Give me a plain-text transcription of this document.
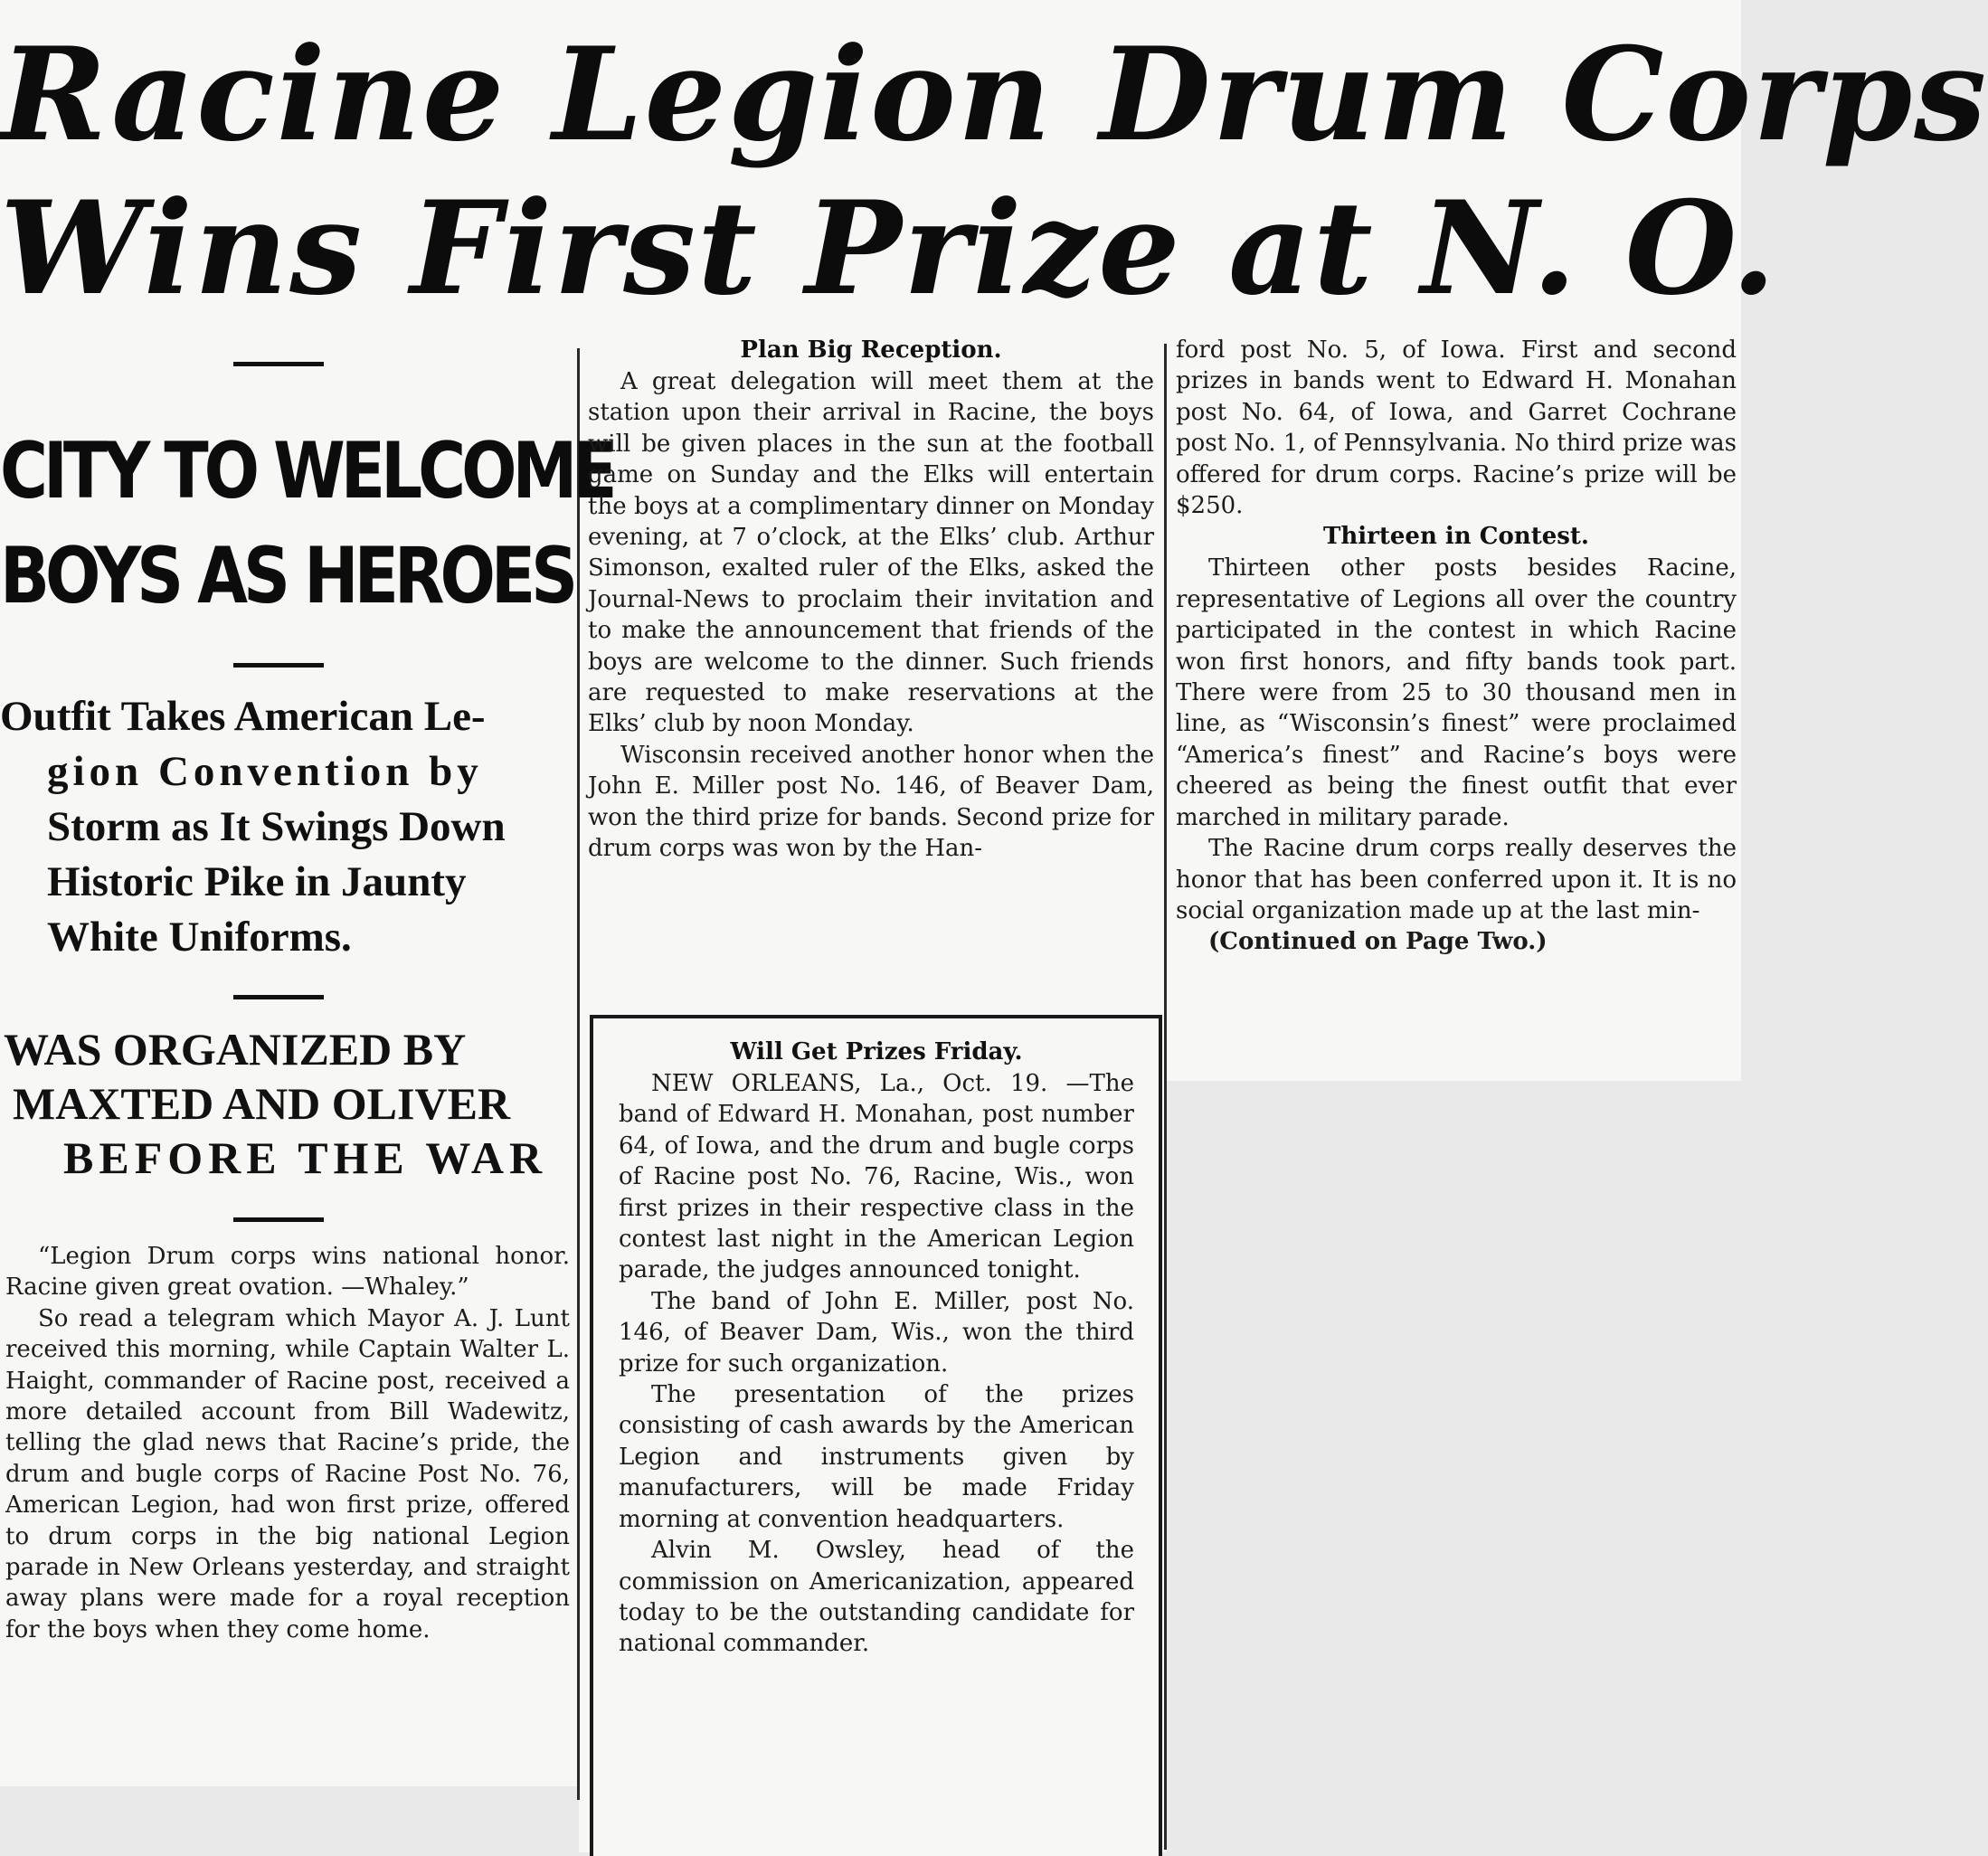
Racine Legion Drum Corps
Wins First Prize at N. O.
CITY TO WELCOME
BOYS AS HEROES
Outfit Takes American Le-
gion Convention by
Storm as It Swings Down
Historic Pike in Jaunty
White Uniforms.
WAS ORGANIZED BY
MAXTED AND OLIVER
BEFORE THE WAR

“Legion Drum corps wins national honor. Racine given great ovation. —Whaley.”

So read a telegram which Mayor A. J. Lunt received this morning, while Captain Walter L. Haight, commander of Racine post, received a more detailed account from Bill Wadewitz, telling the glad news that Racine’s pride, the drum and bugle corps of Racine Post No. 76, American Legion, had won first prize, offered to drum corps in the big national Legion parade in New Orleans yesterday, and straight away plans were made for a royal reception for the boys when they come home.

Plan Big Reception.

A great delegation will meet them at the station upon their arrival in Racine, the boys will be given places in the sun at the football game on Sunday and the Elks will entertain the boys at a complimentary dinner on Monday evening, at 7 o’clock, at the Elks’ club. Arthur Simonson, exalted ruler of the Elks, asked the Journal-News to proclaim their invitation and to make the announcement that friends of the boys are welcome to the dinner. Such friends are requested to make reservations at the Elks’ club by noon Monday.

Wisconsin received another honor when the John E. Miller post No. 146, of Beaver Dam, won the third prize for bands. Second prize for drum corps was won by the Han-

Will Get Prizes Friday.

NEW ORLEANS, La., Oct. 19. —The band of Edward H. Monahan, post number 64, of Iowa, and the drum and bugle corps of Racine post No. 76, Racine, Wis., won first prizes in their respective class in the contest last night in the American Legion parade, the judges announced tonight.

The band of John E. Miller, post No. 146, of Beaver Dam, Wis., won the third prize for such organization.

The presentation of the prizes consisting of cash awards by the American Legion and instruments given by manufacturers, will be made Friday morning at convention headquarters.

Alvin M. Owsley, head of the commission on Americanization, appeared today to be the outstanding candidate for national commander.

ford post No. 5, of Iowa. First and second prizes in bands went to Edward H. Monahan post No. 64, of Iowa, and Garret Cochrane post No. 1, of Pennsylvania. No third prize was offered for drum corps. Racine’s prize will be $250.

Thirteen in Contest.

Thirteen other posts besides Racine, representative of Legions all over the country participated in the contest in which Racine won first honors, and fifty bands took part. There were from 25 to 30 thousand men in line, as “Wisconsin’s finest” were proclaimed “America’s finest” and Racine’s boys were cheered as being the finest outfit that ever marched in military parade.

The Racine drum corps really deserves the honor that has been conferred upon it. It is no social organization made up at the last min-

(Continued on Page Two.)
